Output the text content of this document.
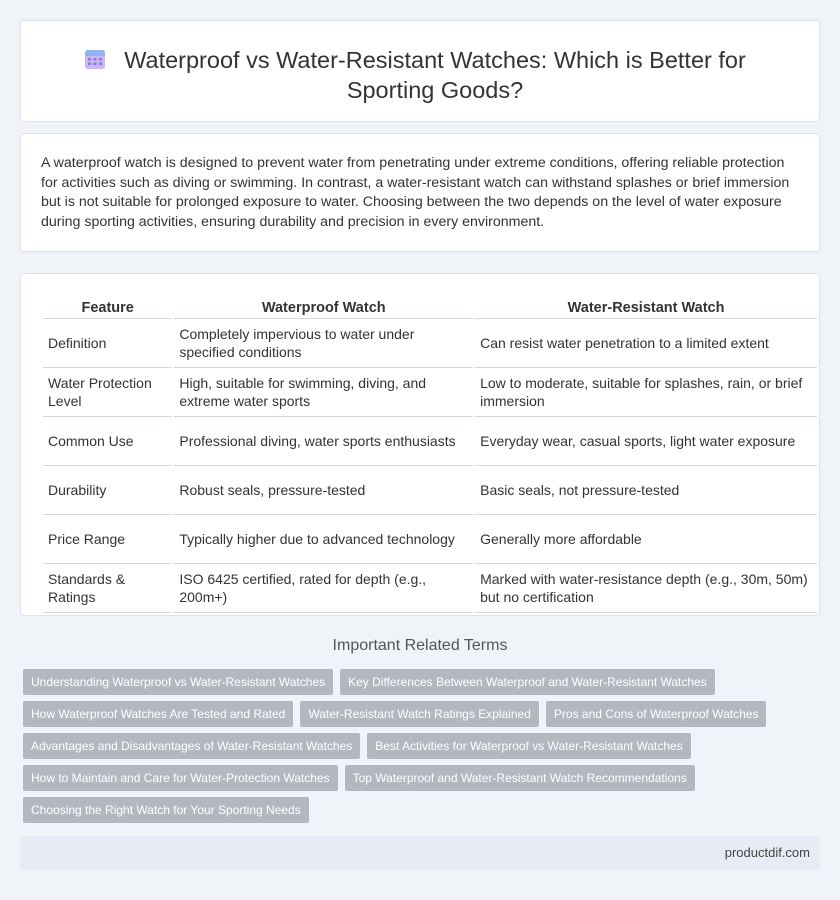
Waterproof vs Water-Resistant Watches: Which is Better for Sporting Goods?

A waterproof watch is designed to prevent water from penetrating under extreme conditions, offering reliable protection for activities such as diving or swimming. In contrast, a water-resistant watch can withstand splashes or brief immersion but is not suitable for prolonged exposure to water. Choosing between the two depends on the level of water exposure during sporting activities, ensuring durability and precision in every environment.

Feature	Waterproof Watch	Water-Resistant Watch
Definition	Completely impervious to water under specified conditions	Can resist water penetration to a limited extent
Water Protection Level	High, suitable for swimming, diving, and extreme water sports	Low to moderate, suitable for splashes, rain, or brief immersion
Common Use	Professional diving, water sports enthusiasts	Everyday wear, casual sports, light water exposure
Durability	Robust seals, pressure-tested	Basic seals, not pressure-tested
Price Range	Typically higher due to advanced technology	Generally more affordable
Standards & Ratings	ISO 6425 certified, rated for depth (e.g., 200m+)	Marked with water-resistance depth (e.g., 30m, 50m) but no certification
Important Related Terms
Understanding Waterproof vs Water-Resistant Watches	Key Differences Between Waterproof and Water-Resistant Watches
How Waterproof Watches Are Tested and Rated	Water-Resistant Watch Ratings Explained	Pros and Cons of Waterproof Watches
Advantages and Disadvantages of Water-Resistant Watches	Best Activities for Waterproof vs Water-Resistant Watches
How to Maintain and Care for Water-Protection Watches	Top Waterproof and Water-Resistant Watch Recommendations
Choosing the Right Watch for Your Sporting Needs
productdif.com
